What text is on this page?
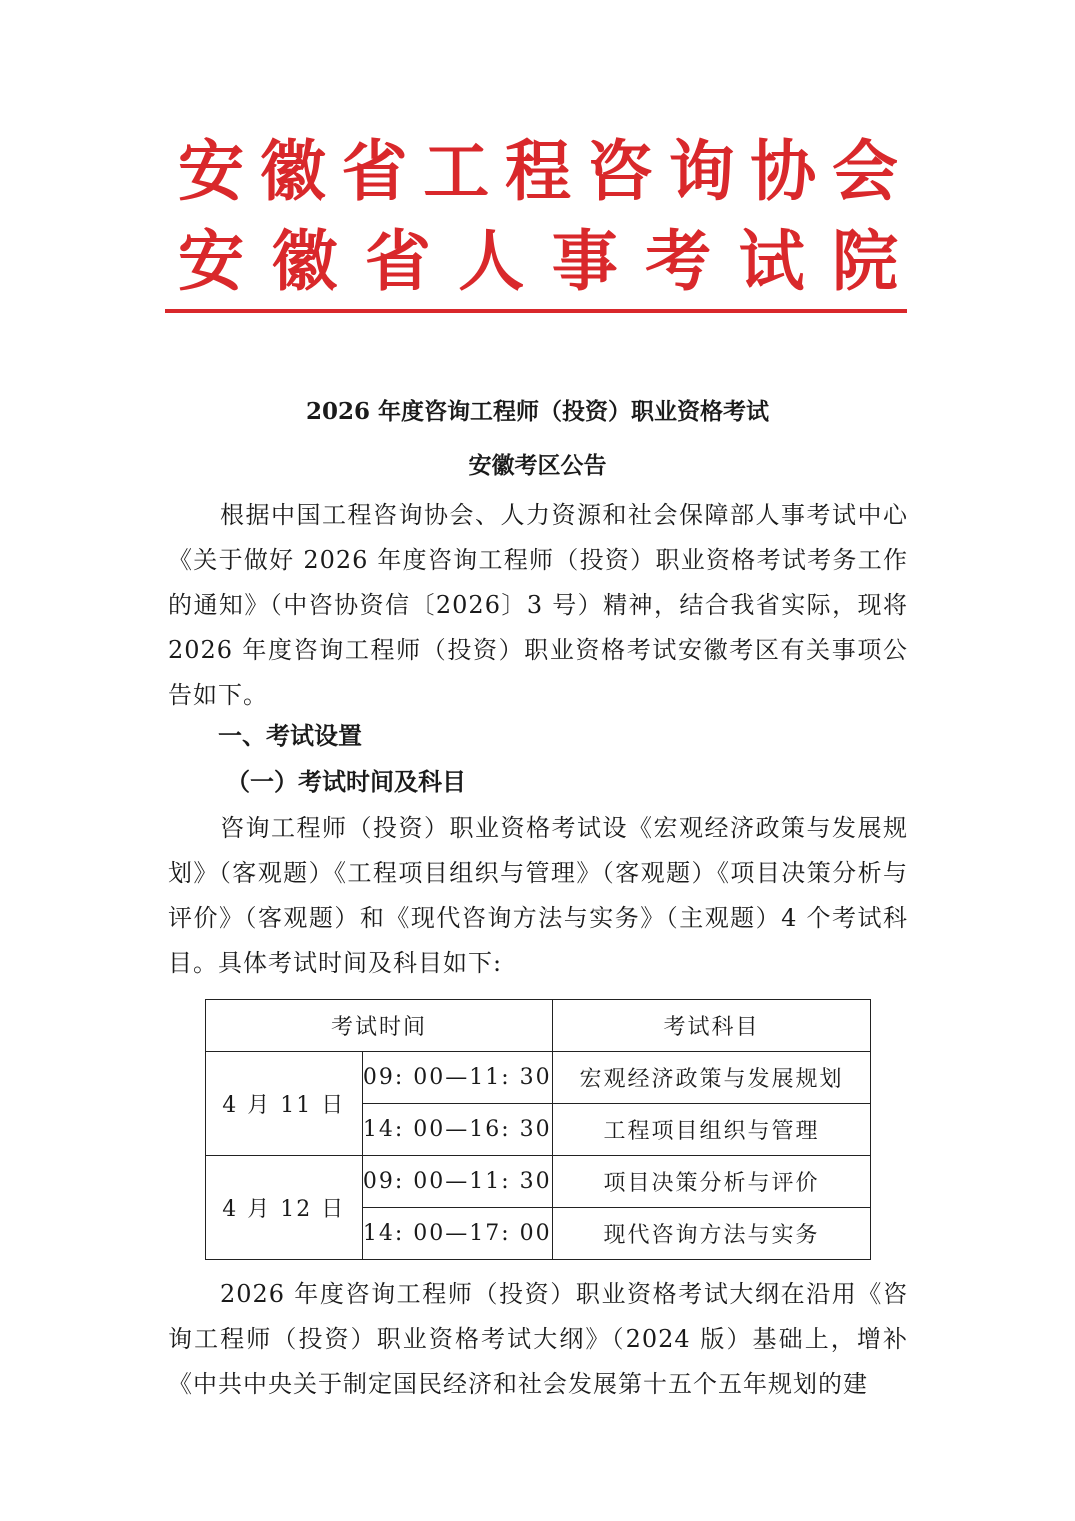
安徽省工程咨询协会
安徽省人事考试院
2026 年度咨询工程师（投资）职业资格考试
安徽考区公告
根据中国工程咨询协会、人力资源和社会保障部人事考试中心《关于做好 2026 年度咨询工程师（投资）职业资格考试考务工作的通知》（中咨协资信〔2026〕3 号）精神，结合我省实际，现将 2026 年度咨询工程师（投资）职业资格考试安徽考区有关事项公告如下。
一、考试设置
（一）考试时间及科目
咨询工程师（投资）职业资格考试设《宏观经济政策与发展规划》（客观题）《工程项目组织与管理》（客观题）《项目决策分析与评价》（客观题）和《现代咨询方法与实务》（主观题）4 个考试科目。具体考试时间及科目如下:
考试时间		考试科目
4 月 11 日	09: 00—11: 30	宏观经济政策与发展规划
	14: 00—16: 30	工程项目组织与管理
4 月 12 日	09: 00—11: 30	项目决策分析与评价
	14: 00—17: 00	现代咨询方法与实务
2026 年度咨询工程师（投资）职业资格考试大纲在沿用《咨询工程师（投资）职业资格考试大纲》（2024 版）基础上，增补《中共中央关于制定国民经济和社会发展第十五个五年规划的建
